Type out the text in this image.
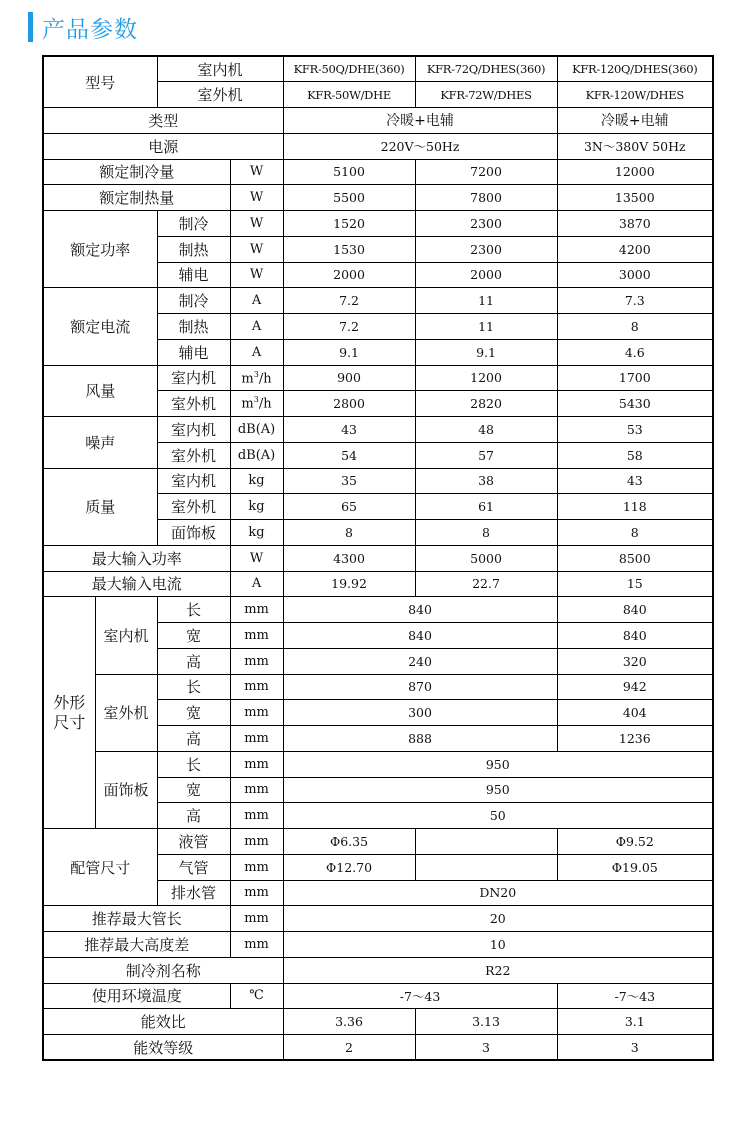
产品参数
型号		室内机		KFR-50Q/DHE(360)	KFR-72Q/DHES(360)	KFR-120Q/DHES(360)
		室外机		KFR-50W/DHE	KFR-72W/DHES	KFR-120W/DHES
类型				冷暖+电辅		冷暖+电辅
电源				220V～50Hz		3N～380V 50Hz
额定制冷量			W	5100	7200	12000
额定制热量			W	5500	7800	13500
额定功率		制冷	W	1520	2300	3870
		制热	W	1530	2300	4200
		辅电	W	2000	2000	3000
额定电流		制冷	A	7.2	11	7.3
		制热	A	7.2	11	8
		辅电	A	9.1	9.1	4.6
风量		室内机	$m^3/h$	900	1200	1700
		室外机	$m^3/h$	2800	2820	5430
噪声		室内机	dB(A)	43	48	53
		室外机	dB(A)	54	57	58
质量		室内机	kg	35	38	43
		室外机	kg	65	61	118
		面饰板	kg	8	8	8
最大输入功率			W	4300	5000	8500
最大输入电流			A	19.92	22.7	15
外形
尺寸	室内机	长	mm	840		840
		宽	mm	840		840
		高	mm	240		320
	室外机	长	mm	870		942
		宽	mm	300		404
		高	mm	888		1236
	面饰板	长	mm	950		
		宽	mm	950		
		高	mm	50		
配管尺寸		液管	mm	Φ6.35		Φ9.52
		气管	mm	Φ12.70		Φ19.05
		排水管	mm	DN20		
推荐最大管长			mm	20		
推荐最大高度差			mm	10		
制冷剂名称				R22		
使用环境温度			℃	-7～43		-7～43
能效比				3.36	3.13	3.1
能效等级				2	3	3
